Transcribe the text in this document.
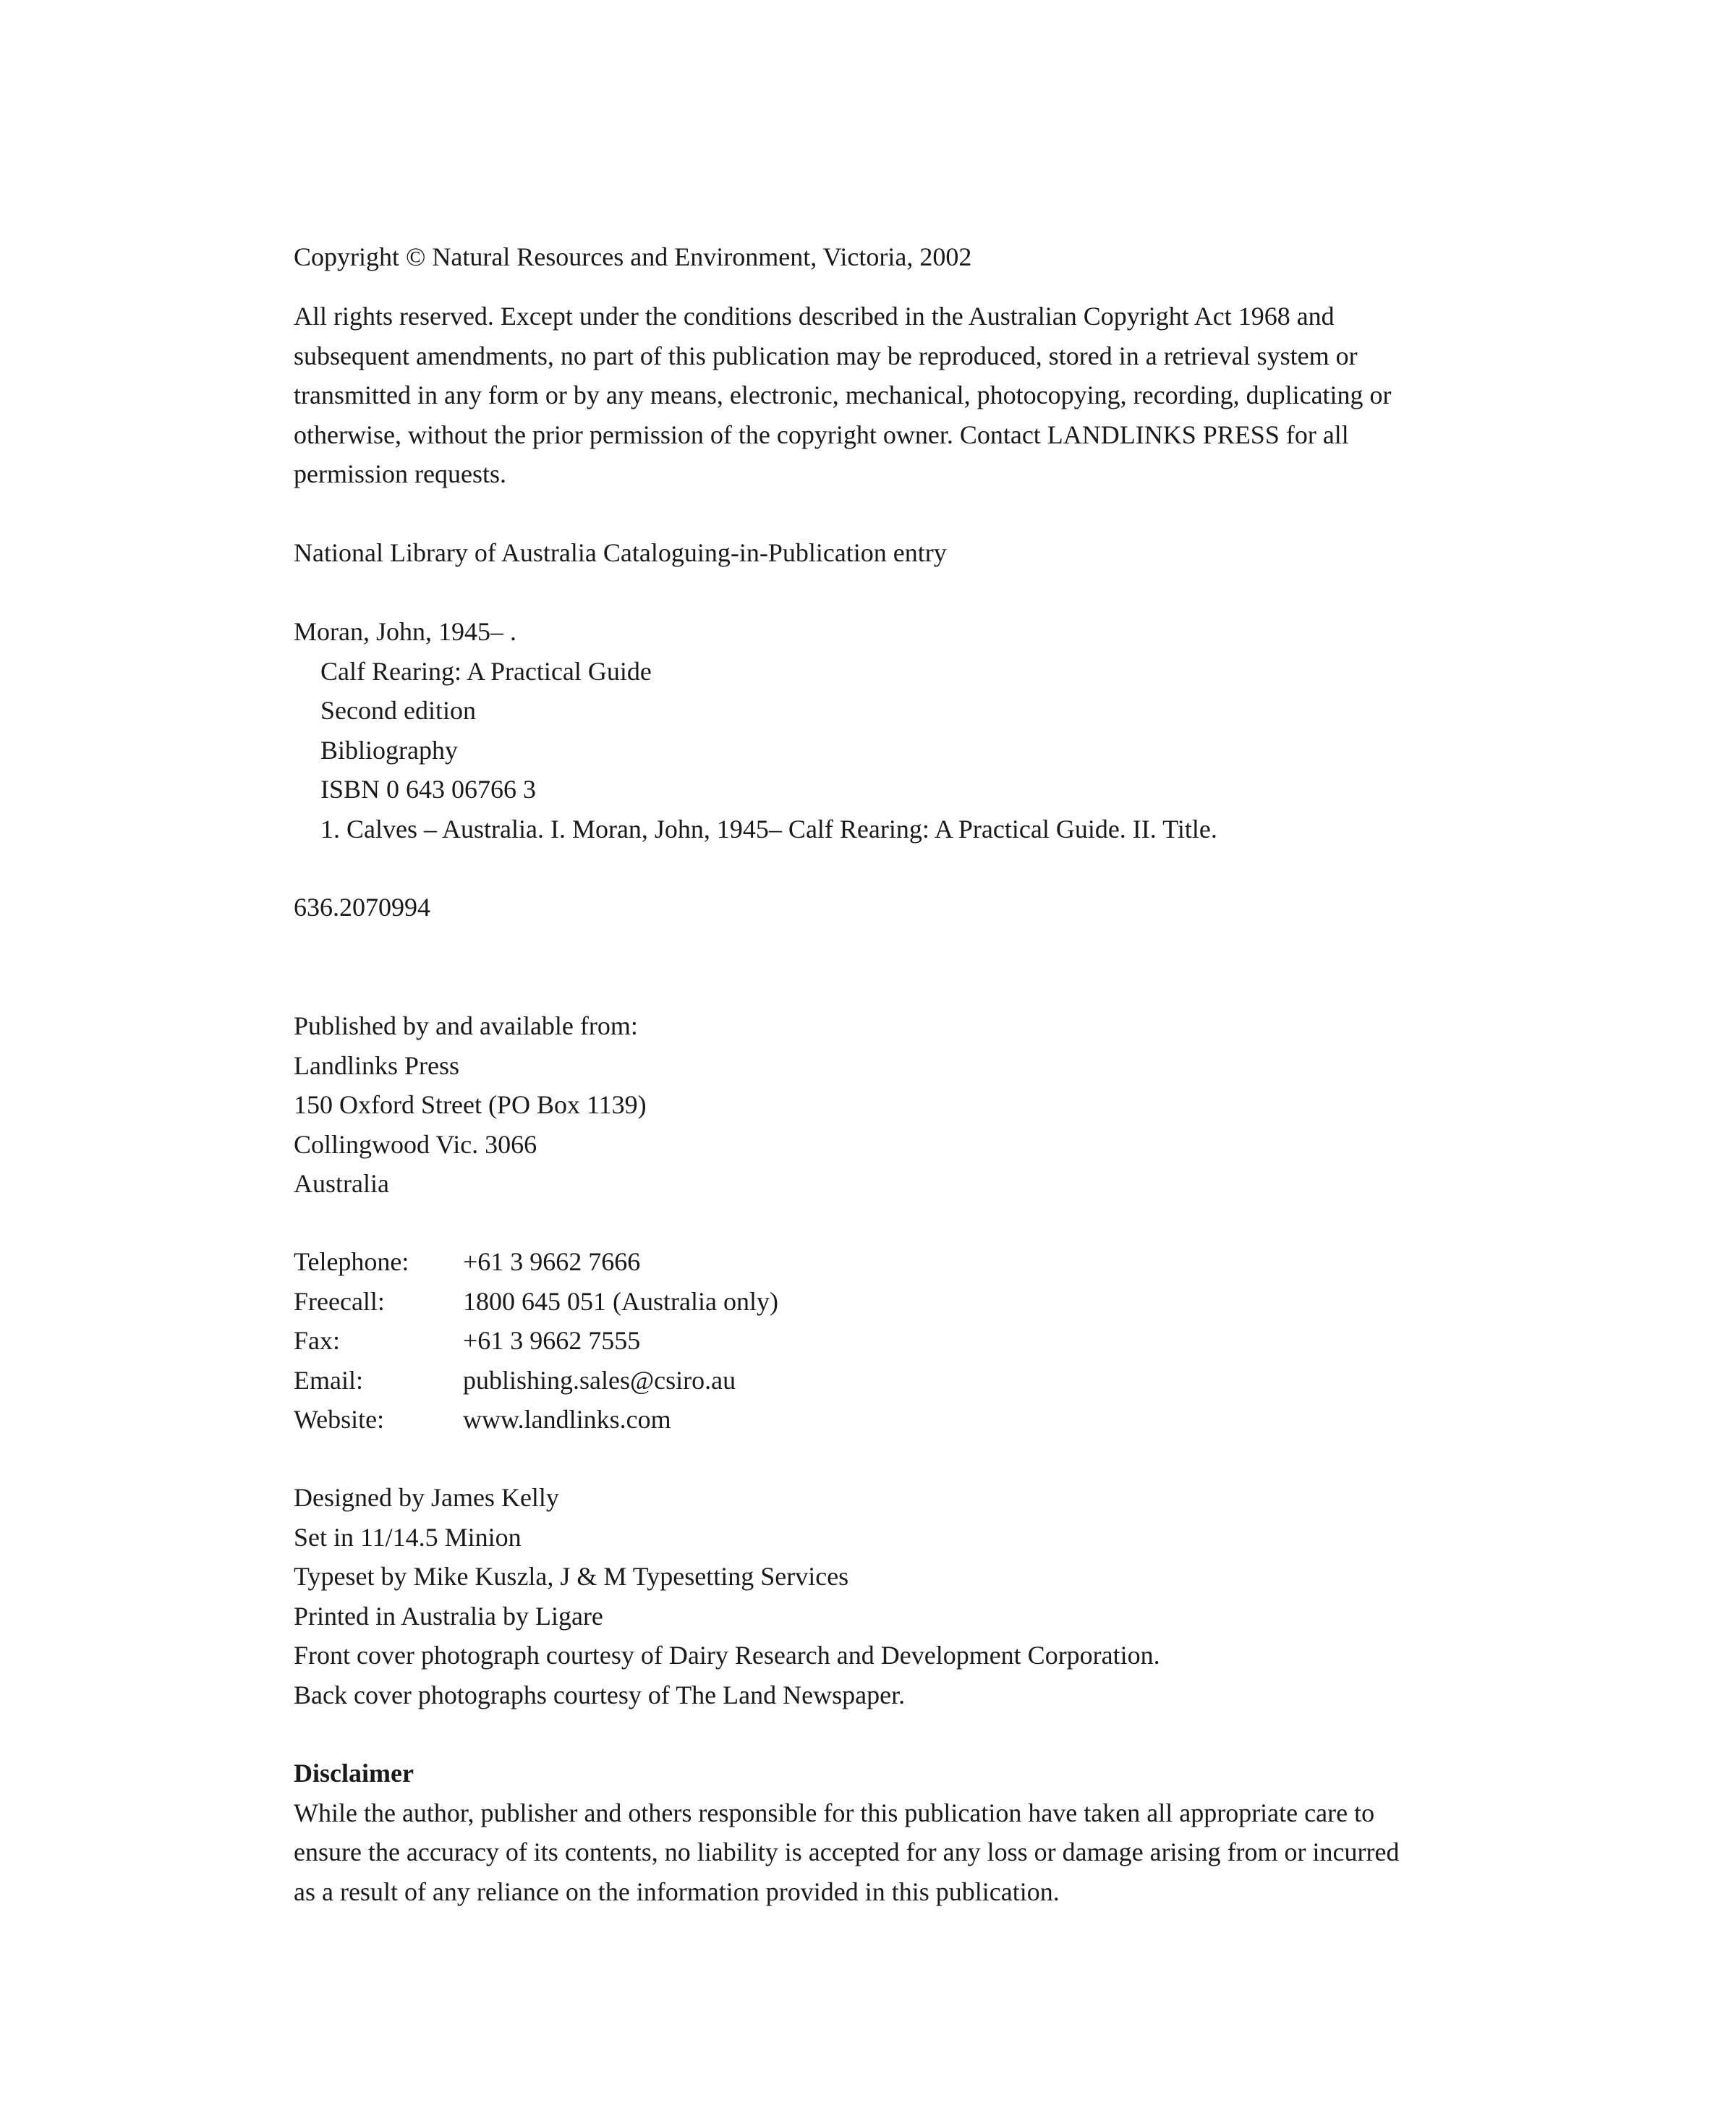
Copyright © Natural Resources and Environment, Victoria, 2002
All rights reserved. Except under the conditions described in the Australian Copyright Act 1968 and
subsequent amendments, no part of this publication may be reproduced, stored in a retrieval system or
transmitted in any form or by any means, electronic, mechanical, photocopying, recording, duplicating or
otherwise, without the prior permission of the copyright owner. Contact LANDLINKS PRESS for all
permission requests.
National Library of Australia Cataloguing-in-Publication entry
Moran, John, 1945– .
Calf Rearing: A Practical Guide
Second edition
Bibliography
ISBN 0 643 06766 3
1. Calves – Australia. I. Moran, John, 1945– Calf Rearing: A Practical Guide. II. Title.
636.2070994
Published by and available from:
Landlinks Press
150 Oxford Street (PO Box 1139)
Collingwood Vic. 3066
Australia
Telephone:	+61 3 9662 7666
Freecall:	1800 645 051 (Australia only)
Fax:	+61 3 9662 7555
Email:	publishing.sales@csiro.au
Website:	www.landlinks.com
Designed by James Kelly
Set in 11/14.5 Minion
Typeset by Mike Kuszla, J & M Typesetting Services
Printed in Australia by Ligare
Front cover photograph courtesy of Dairy Research and Development Corporation.
Back cover photographs courtesy of The Land Newspaper.
Disclaimer
While the author, publisher and others responsible for this publication have taken all appropriate care to
ensure the accuracy of its contents, no liability is accepted for any loss or damage arising from or incurred
as a result of any reliance on the information provided in this publication.
